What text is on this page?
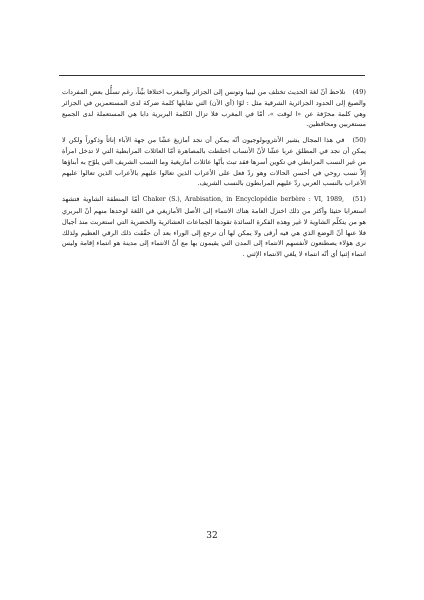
(49) نلاحظ أنّ لغة الحديث تختلف من ليبيا وتونس إلى الجزائر والمغرب اختلافا بيِّناً، رغم تسلُّل بعض المفردات والصيغ إلى الحدود الجزائرية الشرقية مثل : لوّا (أي الآن) التي تقابلها كلمة ضركة لدى المستعمرين في الجزائر وهي كلمة محرّفة عن «ا لوقت »، أمّا في المغرب فلا تزال الكلمة البربرية دابا هي المستعملة لدى الجميع مستعربين ومحافظين.

(50) في هذا المجال يشير الأنثروبولوجيون أنّه يمكن أن نجد أمازيغ عشّا من جهة الآباء إناثاً وذكوراً ولكن لا يمكن أن نجد في المطلق عربا عشّا لأنّ الأنساب اختلطت بالمصاهرة أمّا العائلات المرابطية التي لا تدخل امرأة من غير النسب المرابطي في تكوين أسرها فقد تبث بأنّها عائلات أمازيغية وما النسب الشريف التي يلوّح به أبناؤها إلاّ نسب روحي في أحسن الحالات وهو ردّ فعل على الأعراب الذين تعالوا عليهم بالأعراب الذين تعالوا عليهم الأعراب بالنسب العربي ردّ عليهم المرابطون بالنسب الشريف.

(51) Chaker (S.), Arabisation, in Encyclopédie berbère : VI, 1989, أمّا المنطقة الشاوية فتشهد استعرابا حثيثا وأكثر من ذلك اختزل العامة هناك الانتماء إلى الأصل الأمازيغي في اللغة لوحدها منهم أنّ البربري هو من يتكلّم الشاوية لا غير وهذه الفكرة السائدة تقودها الجماعات العشائرية والحضرية التي استعربت منذ أجيال فلا عنها أنّ الوضع الذي هي فيه أرقى ولا يمكن لها أن ترجع إلى الوراء بعد أن حقّقت ذلك الرقي العظيم ولذلك نرى هؤلاء يصطنعون لأنفسهم الانتماء إلى المدن التي يقيمون بها مع أنّ الانتماء إلى مدينة هو انتماء إقامة وليس انتماء إثنيا أي أنّه انتماء لا يلغي الانتماء الإثني .

32
